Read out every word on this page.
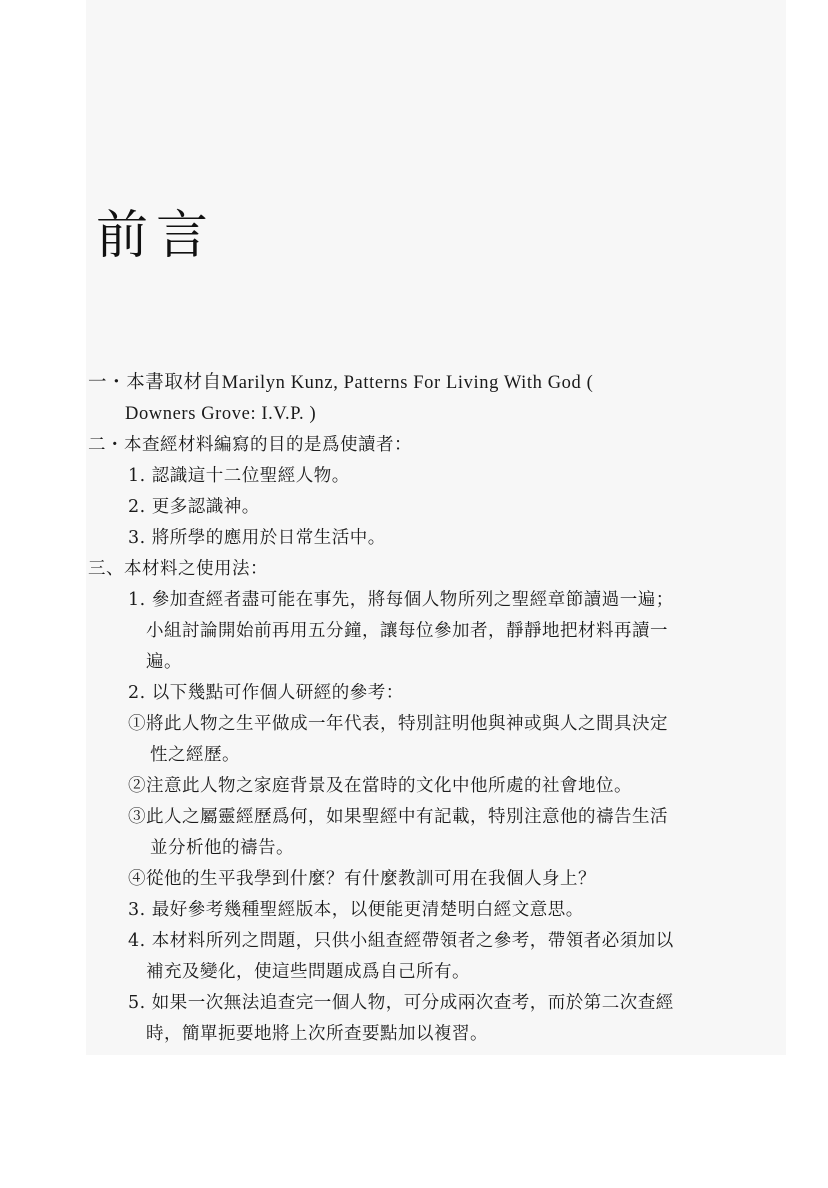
前言
一・本書取材自Marilyn Kunz, Patterns For Living With God (
Downers Grove: I.V.P. )
二・本查經材料編寫的目的是爲使讀者：
1. 認識這十二位聖經人物。
2. 更多認識神。
3. 將所學的應用於日常生活中。
三、本材料之使用法：
1. 參加查經者盡可能在事先，將每個人物所列之聖經章節讀過一遍；
小組討論開始前再用五分鐘，讓每位參加者，靜靜地把材料再讀一
遍。
2. 以下幾點可作個人研經的參考：
①將此人物之生平做成一年代表，特別註明他與神或與人之間具決定
性之經歷。
②注意此人物之家庭背景及在當時的文化中他所處的社會地位。
③此人之屬靈經歷爲何，如果聖經中有記載，特別注意他的禱告生活
並分析他的禱告。
④從他的生平我學到什麼？有什麼教訓可用在我個人身上？
3. 最好參考幾種聖經版本，以便能更清楚明白經文意思。
4. 本材料所列之問題，只供小組查經帶領者之參考，帶領者必須加以
補充及變化，使這些問題成爲自己所有。
5. 如果一次無法追查完一個人物，可分成兩次查考，而於第二次查經
時，簡單扼要地將上次所查要點加以複習。
